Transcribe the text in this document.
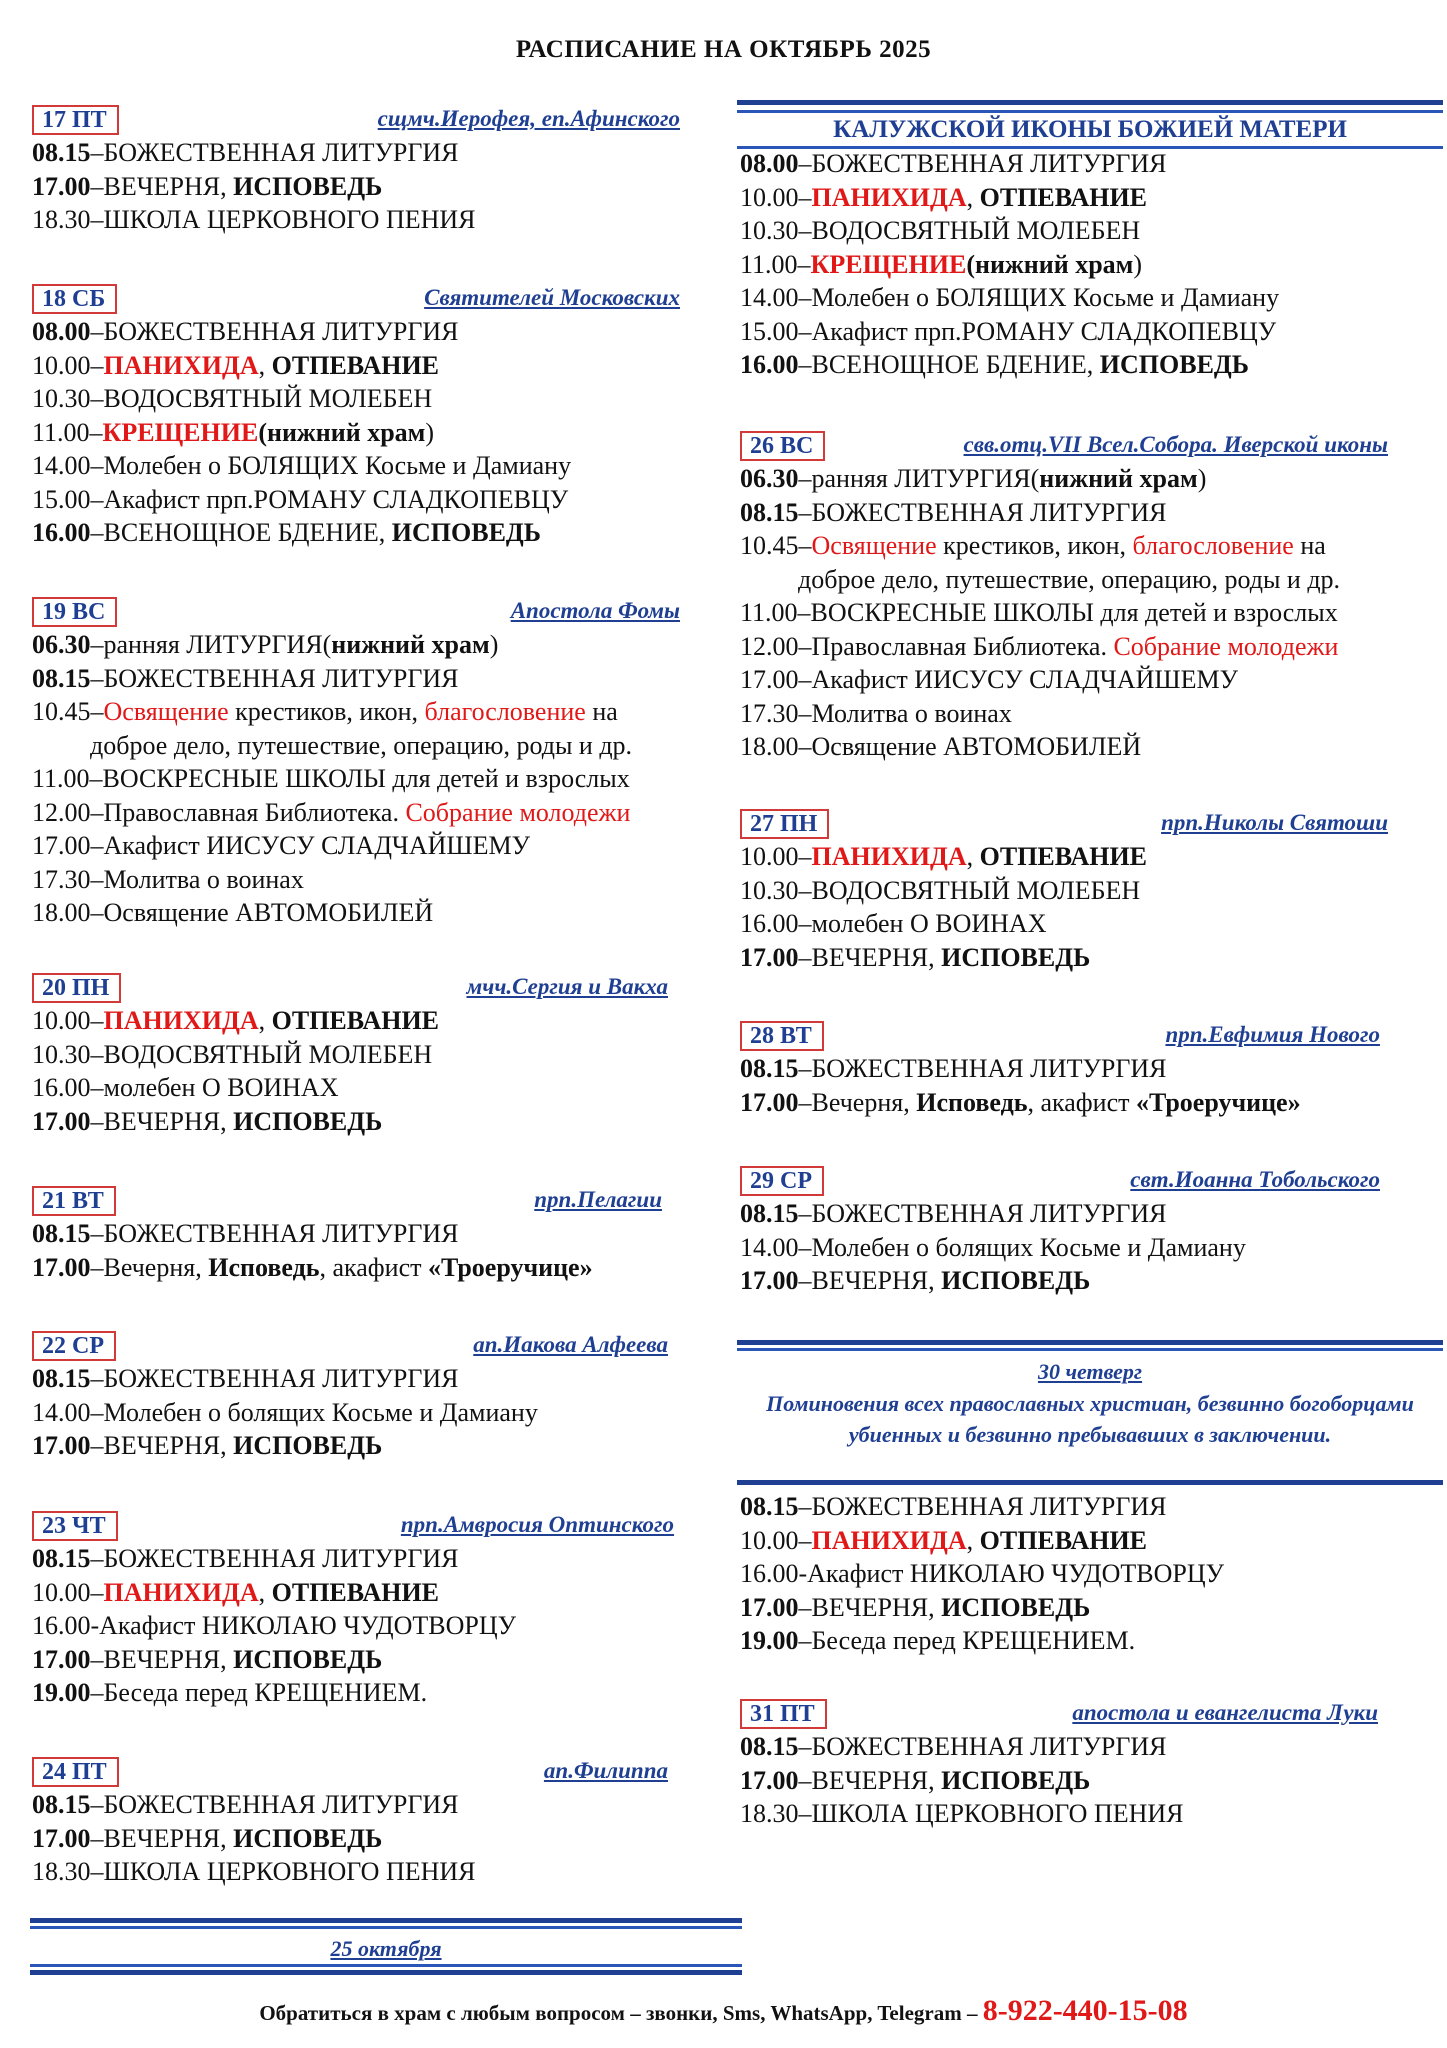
РАСПИСАНИЕ НА ОКТЯБРЬ 2025
17 ПТ	сщмч.Иерофея, еп.Афинского
08.15–БОЖЕСТВЕННАЯ ЛИТУРГИЯ
17.00–ВЕЧЕРНЯ, ИСПОВЕДЬ
18.30–ШКОЛА ЦЕРКОВНОГО ПЕНИЯ
18 СБ	Святителей Московских
08.00–БОЖЕСТВЕННАЯ ЛИТУРГИЯ
10.00–ПАНИХИДА, ОТПЕВАНИЕ
10.30–ВОДОСВЯТНЫЙ МОЛЕБЕН
11.00–КРЕЩЕНИЕ(нижний храм)
14.00–Молебен о БОЛЯЩИХ Косьме и Дамиану
15.00–Акафист прп.РОМАНУ СЛАДКОПЕВЦУ
16.00–ВСЕНОЩНОЕ БДЕНИЕ, ИСПОВЕДЬ
19 ВС	Апостола Фомы
06.30–ранняя ЛИТУРГИЯ(нижний храм)
08.15–БОЖЕСТВЕННАЯ ЛИТУРГИЯ
10.45–Освящение крестиков, икон, благословение на
доброе дело, путешествие, операцию, роды и др.
11.00–ВОСКРЕСНЫЕ ШКОЛЫ для детей и взрослых
12.00–Православная Библиотека. Собрание молодежи
17.00–Акафист ИИСУСУ СЛАДЧАЙШЕМУ
17.30–Молитва о воинах
18.00–Освящение АВТОМОБИЛЕЙ
20 ПН	мчч.Сергия и Вакха
10.00–ПАНИХИДА, ОТПЕВАНИЕ
10.30–ВОДОСВЯТНЫЙ МОЛЕБЕН
16.00–молебен О ВОИНАХ
17.00–ВЕЧЕРНЯ, ИСПОВЕДЬ
21 ВТ	прп.Пелагии
08.15–БОЖЕСТВЕННАЯ ЛИТУРГИЯ
17.00–Вечерня, Исповедь, акафист «Троеручице»
22 СР	ап.Иакова Алфеева
08.15–БОЖЕСТВЕННАЯ ЛИТУРГИЯ
14.00–Молебен о болящих Косьме и Дамиану
17.00–ВЕЧЕРНЯ, ИСПОВЕДЬ
23 ЧТ	прп.Амвросия Оптинского
08.15–БОЖЕСТВЕННАЯ ЛИТУРГИЯ
10.00–ПАНИХИДА, ОТПЕВАНИЕ
16.00-Акафист НИКОЛАЮ ЧУДОТВОРЦУ
17.00–ВЕЧЕРНЯ, ИСПОВЕДЬ
19.00–Беседа перед КРЕЩЕНИЕМ.
24 ПТ	ап.Филиппа
08.15–БОЖЕСТВЕННАЯ ЛИТУРГИЯ
17.00–ВЕЧЕРНЯ, ИСПОВЕДЬ
18.30–ШКОЛА ЦЕРКОВНОГО ПЕНИЯ
КАЛУЖСКОЙ ИКОНЫ БОЖИЕЙ МАТЕРИ
08.00–БОЖЕСТВЕННАЯ ЛИТУРГИЯ
10.00–ПАНИХИДА, ОТПЕВАНИЕ
10.30–ВОДОСВЯТНЫЙ МОЛЕБЕН
11.00–КРЕЩЕНИЕ(нижний храм)
14.00–Молебен о БОЛЯЩИХ Косьме и Дамиану
15.00–Акафист прп.РОМАНУ СЛАДКОПЕВЦУ
16.00–ВСЕНОЩНОЕ БДЕНИЕ, ИСПОВЕДЬ
26 ВС	свв.отц.VII Всел.Собора. Иверской иконы
06.30–ранняя ЛИТУРГИЯ(нижний храм)
08.15–БОЖЕСТВЕННАЯ ЛИТУРГИЯ
10.45–Освящение крестиков, икон, благословение на
доброе дело, путешествие, операцию, роды и др.
11.00–ВОСКРЕСНЫЕ ШКОЛЫ для детей и взрослых
12.00–Православная Библиотека. Собрание молодежи
17.00–Акафист ИИСУСУ СЛАДЧАЙШЕМУ
17.30–Молитва о воинах
18.00–Освящение АВТОМОБИЛЕЙ
27 ПН	прп.Николы Святоши
10.00–ПАНИХИДА, ОТПЕВАНИЕ
10.30–ВОДОСВЯТНЫЙ МОЛЕБЕН
16.00–молебен О ВОИНАХ
17.00–ВЕЧЕРНЯ, ИСПОВЕДЬ
28 ВТ	прп.Евфимия Нового
08.15–БОЖЕСТВЕННАЯ ЛИТУРГИЯ
17.00–Вечерня, Исповедь, акафист «Троеручице»
29 СР	свт.Иоанна Тобольского
08.15–БОЖЕСТВЕННАЯ ЛИТУРГИЯ
14.00–Молебен о болящих Косьме и Дамиану
17.00–ВЕЧЕРНЯ, ИСПОВЕДЬ
30 четверг
Поминовения всех православных христиан, безвинно богоборцами убиенных и безвинно пребывавших в заключении.
08.15–БОЖЕСТВЕННАЯ ЛИТУРГИЯ
10.00–ПАНИХИДА, ОТПЕВАНИЕ
16.00-Акафист НИКОЛАЮ ЧУДОТВОРЦУ
17.00–ВЕЧЕРНЯ, ИСПОВЕДЬ
19.00–Беседа перед КРЕЩЕНИЕМ.
31 ПТ	апостола и евангелиста Луки
08.15–БОЖЕСТВЕННАЯ ЛИТУРГИЯ
17.00–ВЕЧЕРНЯ, ИСПОВЕДЬ
18.30–ШКОЛА ЦЕРКОВНОГО ПЕНИЯ
25 октября
Обратиться в храм с любым вопросом – звонки, Sms, WhatsApp, Telegram – 8-922-440-15-08
